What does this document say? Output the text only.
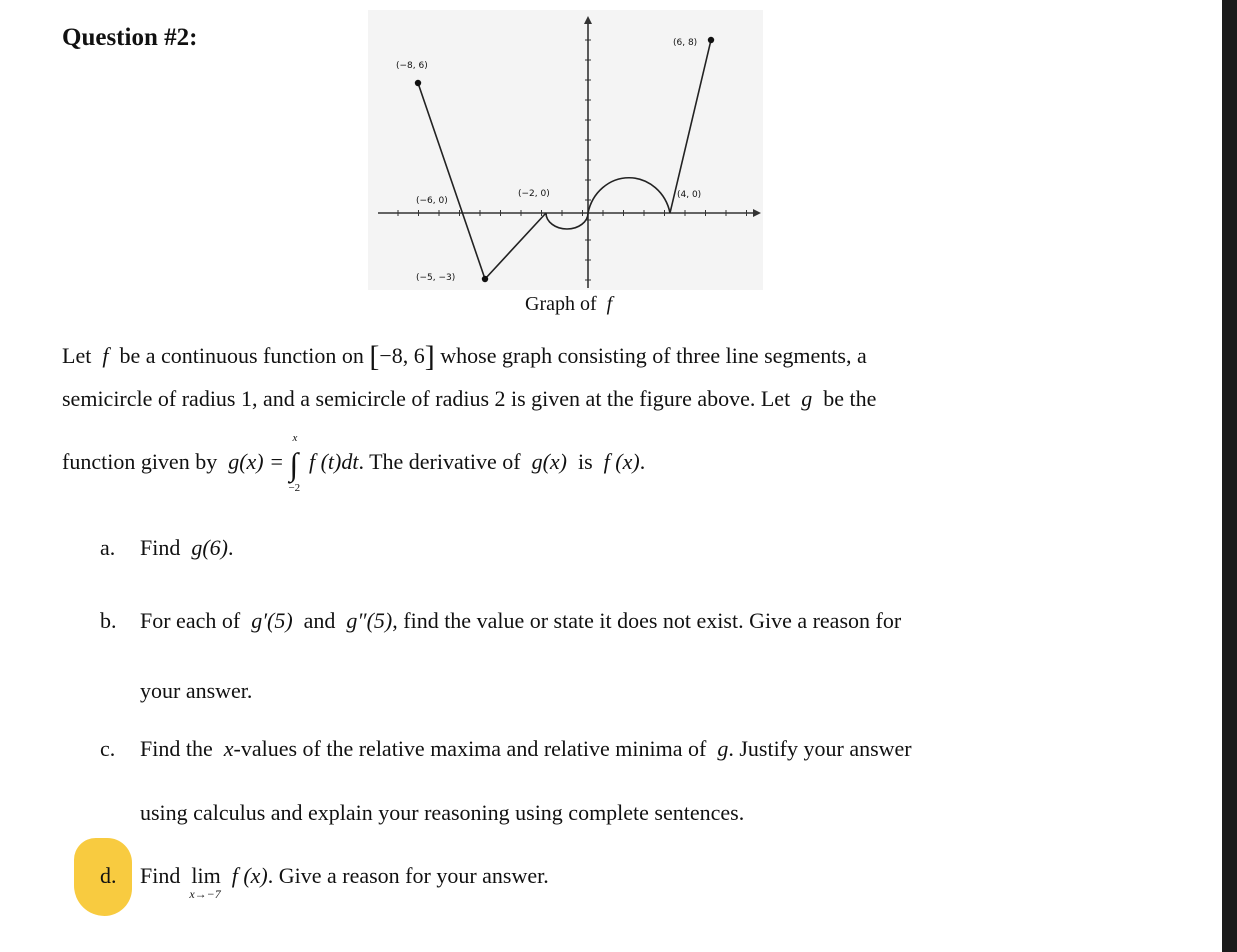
Question #2:
(−8, 6)
(6, 8)
(−6, 0)
(−2, 0)	(4, 0)
(−5, −3)
Graph of f
Let f be a continuous function on [−8, 6] whose graph consisting of three line segments, a
semicircle of radius 1, and a semicircle of radius 2 is given at the figure above. Let g be the
function given by g(x) = ∫
x
−2
f (t)dt. The derivative of g(x) is f (x).
a. Find g(6).
b. For each of g′(5) and g″(5), find the value or state it does not exist. Give a reason for
your answer.
c. Find the x-values of the relative maxima and relative minima of g. Justify your answer
using calculus and explain your reasoning using complete sentences.
d. Find lim
x→−7
f (x). Give a reason for your answer.
